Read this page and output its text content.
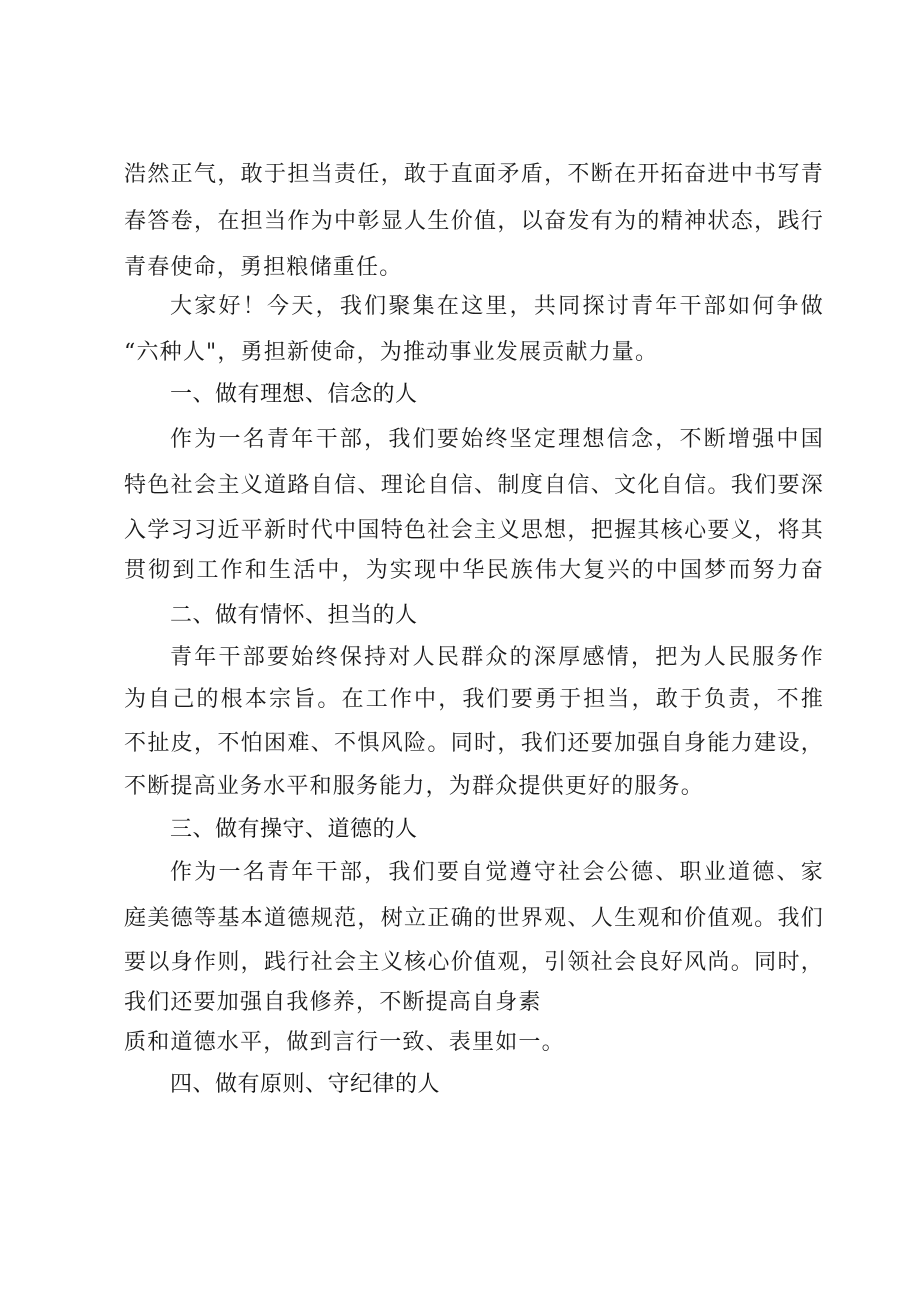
浩然正气，敢于担当责任，敢于直面矛盾，不断在开拓奋进中书写青
春答卷，在担当作为中彰显人生价值，以奋发有为的精神状态，践行
青春使命，勇担粮储重任。
大家好！今天，我们聚集在这里，共同探讨青年干部如何争做
“六种人"，勇担新使命，为推动事业发展贡献力量。
一、做有理想、信念的人
作为一名青年干部，我们要始终坚定理想信念，不断增强中国
特色社会主义道路自信、理论自信、制度自信、文化自信。我们要深
入学习习近平新时代中国特色社会主义思想，把握其核心要义，将其
贯彻到工作和生活中，为实现中华民族伟大复兴的中国梦而努力奋
二、做有情怀、担当的人
青年干部要始终保持对人民群众的深厚感情，把为人民服务作
为自己的根本宗旨。在工作中，我们要勇于担当，敢于负责，不推
不扯皮，不怕困难、不惧风险。同时，我们还要加强自身能力建设，
不断提高业务水平和服务能力，为群众提供更好的服务。
三、做有操守、道德的人
作为一名青年干部，我们要自觉遵守社会公德、职业道德、家
庭美德等基本道德规范，树立正确的世界观、人生观和价值观。我们
要以身作则，践行社会主义核心价值观，引领社会良好风尚。同时，
我们还要加强自我修养，不断提高自身素
质和道德水平，做到言行一致、表里如一。
四、做有原则、守纪律的人
